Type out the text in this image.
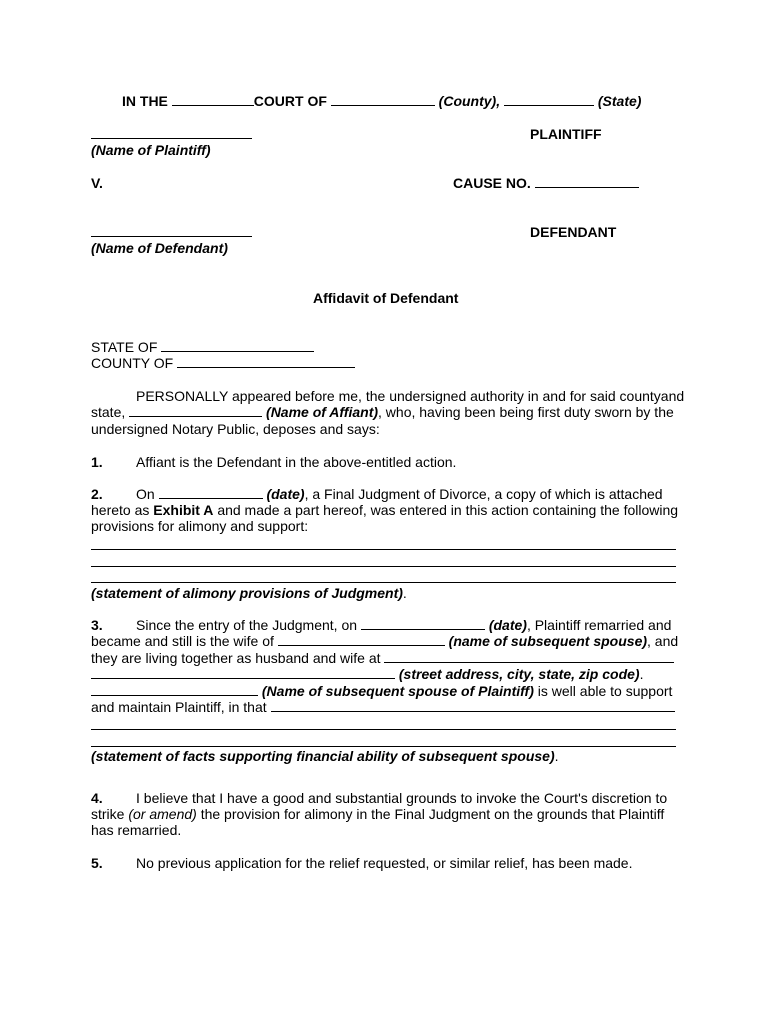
IN THE	COURT OF	(County),	(State)
PLAINTIFF
(Name of Plaintiff)
V.	CAUSE NO.
DEFENDANT
(Name of Defendant)
Affidavit of Defendant
STATE OF
COUNTY OF
PERSONALLY appeared before me, the undersigned authority in and for said countyand
state,	(Name of Affiant), who, having been being first duty sworn by the
undersigned Notary Public, deposes and says:
1. Affiant is the Defendant in the above-entitled action.
2. On	(date), a Final Judgment of Divorce, a copy of which is attached
hereto as Exhibit A and made a part hereof, was entered in this action containing the following
provisions for alimony and support:
(statement of alimony provisions of Judgment).
3. Since the entry of the Judgment, on	(date), Plaintiff remarried and
became and still is the wife of	(name of subsequent spouse), and
they are living together as husband and wife at
(street address, city, state, zip code).
(Name of subsequent spouse of Plaintiff) is well able to support
and maintain Plaintiff, in that
(statement of facts supporting financial ability of subsequent spouse).
4. I believe that I have a good and substantial grounds to invoke the Court's discretion to
strike (or amend) the provision for alimony in the Final Judgment on the grounds that Plaintiff
has remarried.
5. No previous application for the relief requested, or similar relief, has been made.
